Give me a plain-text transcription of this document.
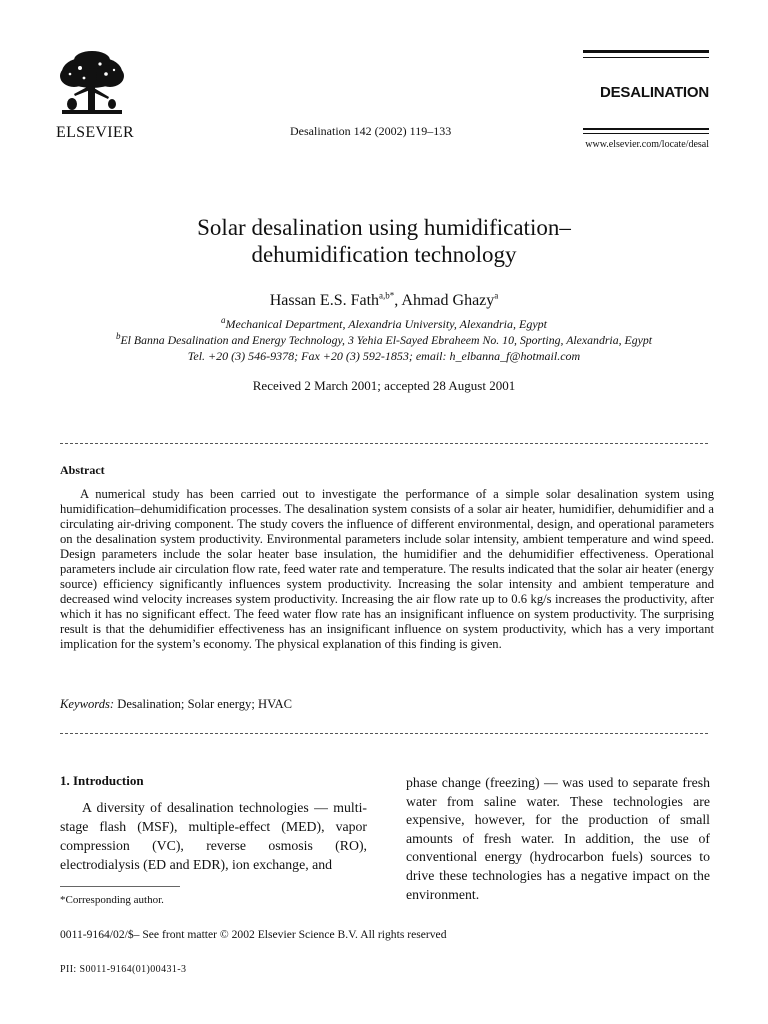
ELSEVIER	Desalination 142 (2002) 119–133
DESALINATION
www.elsevier.com/locate/desal
Solar desalination using humidification–
dehumidification technology
Hassan E.S. Fath$^{a,b*}$, Ahmad Ghazy$^a$
$^a$Mechanical Department, Alexandria University, Alexandria, Egypt
$^b$El Banna Desalination and Energy Technology, 3 Yehia El-Sayed Ebraheem No. 10, Sporting, Alexandria, Egypt
Tel. +20 (3) 546-9378; Fax +20 (3) 592-1853; email: h_elbanna_f@hotmail.com
Received 2 March 2001; accepted 28 August 2001
Abstract

A numerical study has been carried out to investigate the performance of a simple solar desalination system using humidification–dehumidification processes. The desalination system consists of a solar air heater, humidifier, dehumidifier and a circulating air-driving component. The study covers the influence of different environmental, design, and operational parameters on the desalination system productivity. Environmental parameters include solar intensity, ambient temperature and wind speed. Design parameters include the solar heater base insulation, the humidifier and the dehumidifier effectiveness. Operational parameters include air circulation flow rate, feed water rate and temperature. The results indicated that the solar air heater (energy source) efficiency significantly influences system productivity. Increasing the solar intensity and ambient temperature and decreased wind velocity increases system productivity. Increasing the air flow rate up to 0.6 kg/s increases the productivity, after which it has no significant effect. The feed water flow rate has an insignificant influence on system productivity. The surprising result is that the dehumidifier effectiveness has an insignificant influence on system productivity, which has a very important implication for the system’s economy. The physical explanation of this finding is given.

Keywords: Desalination; Solar energy; HVAC
1. Introduction

A diversity of desalination technologies — multi-stage flash (MSF), multiple-effect (MED), vapor compression (VC), reverse osmosis (RO), electrodialysis (ED and EDR), ion exchange, and

phase change (freezing) — was used to separate fresh water from saline water. These technologies are expensive, however, for the production of small amounts of fresh water. In addition, the use of conventional energy (hydrocarbon fuels) sources to drive these technologies has a negative impact on the environment.

*Corresponding author.
0011-9164/02/$– See front matter © 2002 Elsevier Science B.V. All rights reserved
PII: S0011-9164(01)00431-3
